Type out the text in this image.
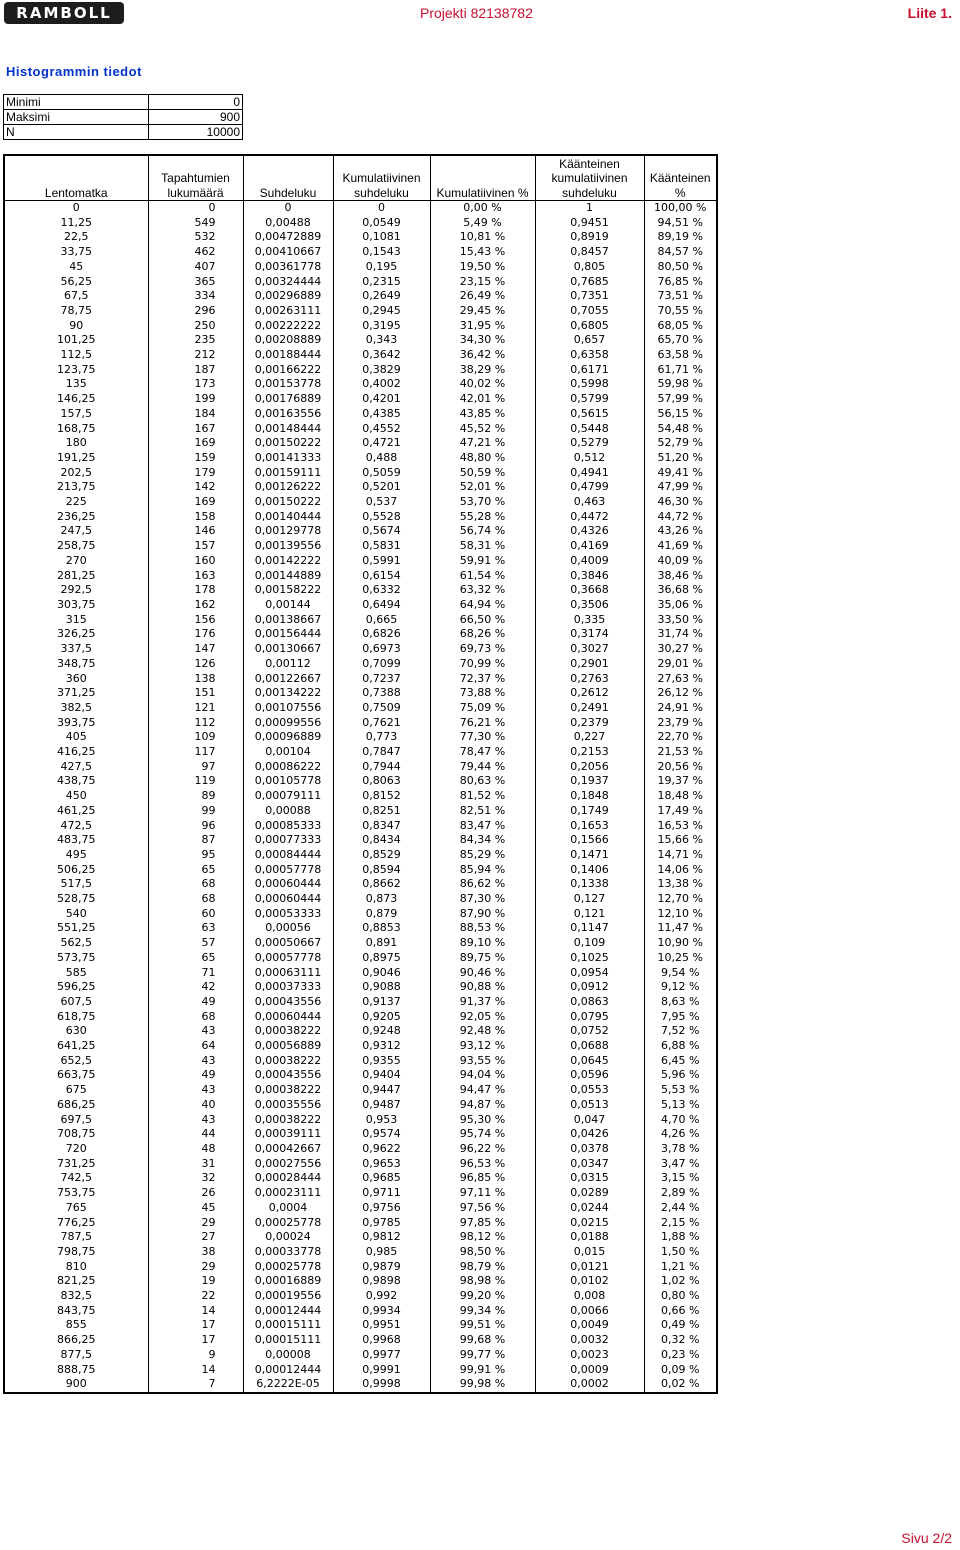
RAMBOLL	Projekti 82138782	Liite 1.
Histogrammin tiedot
Minimi	0
Maksimi	900
N	10000
Lentomatka	Tapahtumien lukumäärä	Suhdeluku	Kumulatiivinen suhdeluku	Kumulatiivinen %	Käänteinen kumulatiivinen suhdeluku	Käänteinen %
0	0	0	0	0,00 %	1	100,00 %
11,25	549	0,00488	0,0549	5,49 %	0,9451	94,51 %
22,5	532	0,00472889	0,1081	10,81 %	0,8919	89,19 %
33,75	462	0,00410667	0,1543	15,43 %	0,8457	84,57 %
45	407	0,00361778	0,195	19,50 %	0,805	80,50 %
56,25	365	0,00324444	0,2315	23,15 %	0,7685	76,85 %
67,5	334	0,00296889	0,2649	26,49 %	0,7351	73,51 %
78,75	296	0,00263111	0,2945	29,45 %	0,7055	70,55 %
90	250	0,00222222	0,3195	31,95 %	0,6805	68,05 %
101,25	235	0,00208889	0,343	34,30 %	0,657	65,70 %
112,5	212	0,00188444	0,3642	36,42 %	0,6358	63,58 %
123,75	187	0,00166222	0,3829	38,29 %	0,6171	61,71 %
135	173	0,00153778	0,4002	40,02 %	0,5998	59,98 %
146,25	199	0,00176889	0,4201	42,01 %	0,5799	57,99 %
157,5	184	0,00163556	0,4385	43,85 %	0,5615	56,15 %
168,75	167	0,00148444	0,4552	45,52 %	0,5448	54,48 %
180	169	0,00150222	0,4721	47,21 %	0,5279	52,79 %
191,25	159	0,00141333	0,488	48,80 %	0,512	51,20 %
202,5	179	0,00159111	0,5059	50,59 %	0,4941	49,41 %
213,75	142	0,00126222	0,5201	52,01 %	0,4799	47,99 %
225	169	0,00150222	0,537	53,70 %	0,463	46,30 %
236,25	158	0,00140444	0,5528	55,28 %	0,4472	44,72 %
247,5	146	0,00129778	0,5674	56,74 %	0,4326	43,26 %
258,75	157	0,00139556	0,5831	58,31 %	0,4169	41,69 %
270	160	0,00142222	0,5991	59,91 %	0,4009	40,09 %
281,25	163	0,00144889	0,6154	61,54 %	0,3846	38,46 %
292,5	178	0,00158222	0,6332	63,32 %	0,3668	36,68 %
303,75	162	0,00144	0,6494	64,94 %	0,3506	35,06 %
315	156	0,00138667	0,665	66,50 %	0,335	33,50 %
326,25	176	0,00156444	0,6826	68,26 %	0,3174	31,74 %
337,5	147	0,00130667	0,6973	69,73 %	0,3027	30,27 %
348,75	126	0,00112	0,7099	70,99 %	0,2901	29,01 %
360	138	0,00122667	0,7237	72,37 %	0,2763	27,63 %
371,25	151	0,00134222	0,7388	73,88 %	0,2612	26,12 %
382,5	121	0,00107556	0,7509	75,09 %	0,2491	24,91 %
393,75	112	0,00099556	0,7621	76,21 %	0,2379	23,79 %
405	109	0,00096889	0,773	77,30 %	0,227	22,70 %
416,25	117	0,00104	0,7847	78,47 %	0,2153	21,53 %
427,5	97	0,00086222	0,7944	79,44 %	0,2056	20,56 %
438,75	119	0,00105778	0,8063	80,63 %	0,1937	19,37 %
450	89	0,00079111	0,8152	81,52 %	0,1848	18,48 %
461,25	99	0,00088	0,8251	82,51 %	0,1749	17,49 %
472,5	96	0,00085333	0,8347	83,47 %	0,1653	16,53 %
483,75	87	0,00077333	0,8434	84,34 %	0,1566	15,66 %
495	95	0,00084444	0,8529	85,29 %	0,1471	14,71 %
506,25	65	0,00057778	0,8594	85,94 %	0,1406	14,06 %
517,5	68	0,00060444	0,8662	86,62 %	0,1338	13,38 %
528,75	68	0,00060444	0,873	87,30 %	0,127	12,70 %
540	60	0,00053333	0,879	87,90 %	0,121	12,10 %
551,25	63	0,00056	0,8853	88,53 %	0,1147	11,47 %
562,5	57	0,00050667	0,891	89,10 %	0,109	10,90 %
573,75	65	0,00057778	0,8975	89,75 %	0,1025	10,25 %
585	71	0,00063111	0,9046	90,46 %	0,0954	9,54 %
596,25	42	0,00037333	0,9088	90,88 %	0,0912	9,12 %
607,5	49	0,00043556	0,9137	91,37 %	0,0863	8,63 %
618,75	68	0,00060444	0,9205	92,05 %	0,0795	7,95 %
630	43	0,00038222	0,9248	92,48 %	0,0752	7,52 %
641,25	64	0,00056889	0,9312	93,12 %	0,0688	6,88 %
652,5	43	0,00038222	0,9355	93,55 %	0,0645	6,45 %
663,75	49	0,00043556	0,9404	94,04 %	0,0596	5,96 %
675	43	0,00038222	0,9447	94,47 %	0,0553	5,53 %
686,25	40	0,00035556	0,9487	94,87 %	0,0513	5,13 %
697,5	43	0,00038222	0,953	95,30 %	0,047	4,70 %
708,75	44	0,00039111	0,9574	95,74 %	0,0426	4,26 %
720	48	0,00042667	0,9622	96,22 %	0,0378	3,78 %
731,25	31	0,00027556	0,9653	96,53 %	0,0347	3,47 %
742,5	32	0,00028444	0,9685	96,85 %	0,0315	3,15 %
753,75	26	0,00023111	0,9711	97,11 %	0,0289	2,89 %
765	45	0,0004	0,9756	97,56 %	0,0244	2,44 %
776,25	29	0,00025778	0,9785	97,85 %	0,0215	2,15 %
787,5	27	0,00024	0,9812	98,12 %	0,0188	1,88 %
798,75	38	0,00033778	0,985	98,50 %	0,015	1,50 %
810	29	0,00025778	0,9879	98,79 %	0,0121	1,21 %
821,25	19	0,00016889	0,9898	98,98 %	0,0102	1,02 %
832,5	22	0,00019556	0,992	99,20 %	0,008	0,80 %
843,75	14	0,00012444	0,9934	99,34 %	0,0066	0,66 %
855	17	0,00015111	0,9951	99,51 %	0,0049	0,49 %
866,25	17	0,00015111	0,9968	99,68 %	0,0032	0,32 %
877,5	9	0,00008	0,9977	99,77 %	0,0023	0,23 %
888,75	14	0,00012444	0,9991	99,91 %	0,0009	0,09 %
900	7	6,2222E-05	0,9998	99,98 %	0,0002	0,02 %
Sivu 2/2
